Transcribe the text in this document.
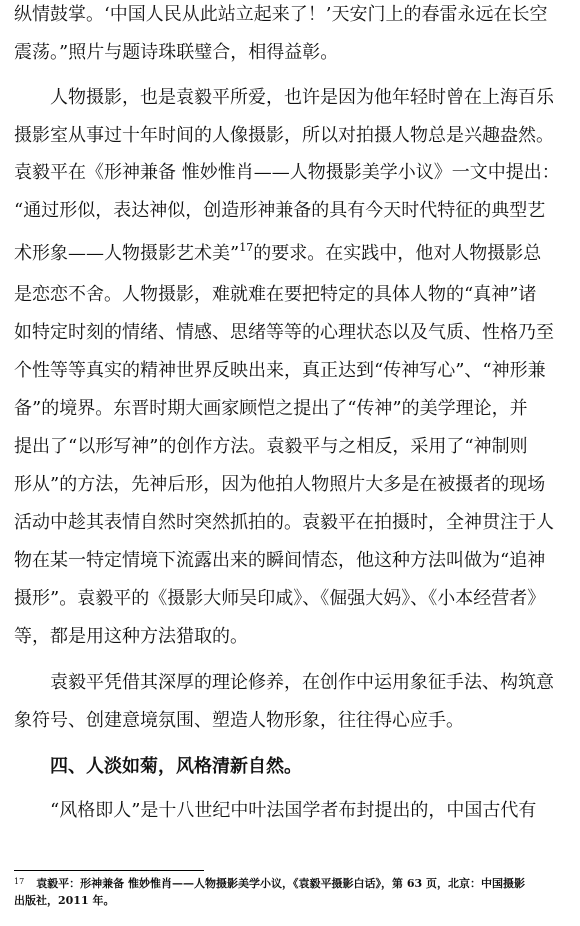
纵情鼓掌。‘中国人民从此站立起来了！’天安门上的春雷永远在长空
震荡。”照片与题诗珠联璧合，相得益彰。
人物摄影，也是袁毅平所爱，也许是因为他年轻时曾在上海百乐
摄影室从事过十年时间的人像摄影，所以对拍摄人物总是兴趣盎然。
袁毅平在《形神兼备 惟妙惟肖——人物摄影美学小议》一文中提出：
“通过形似，表达神似，创造形神兼备的具有今天时代特征的典型艺
术形象——人物摄影艺术美”$^{17}$的要求。在实践中，他对人物摄影总
是恋恋不舍。人物摄影，难就难在要把特定的具体人物的“真神”诸
如特定时刻的情绪、情感、思绪等等的心理状态以及气质、性格乃至
个性等等真实的精神世界反映出来，真正达到“传神写心”、“神形兼
备”的境界。东晋时期大画家顾恺之提出了“传神”的美学理论，并
提出了“以形写神”的创作方法。袁毅平与之相反，采用了“神制则
形从”的方法，先神后形，因为他拍人物照片大多是在被摄者的现场
活动中趁其表情自然时突然抓拍的。袁毅平在拍摄时，全神贯注于人
物在某一特定情境下流露出来的瞬间情态，他这种方法叫做为“追神
摄形”。袁毅平的《摄影大师吴印咸》、《倔强大妈》、《小本经营者》
等，都是用这种方法猎取的。
袁毅平凭借其深厚的理论修养，在创作中运用象征手法、构筑意
象符号、创建意境氛围、塑造人物形象，往往得心应手。
四、人淡如菊，风格清新自然。
“风格即人”是十八世纪中叶法国学者布封提出的，中国古代有
$^{17}$ 袁毅平：形神兼备 惟妙惟肖——人物摄影美学小议，《袁毅平摄影白话》，第 63 页，北京：中国摄影
出版社，2011 年。
